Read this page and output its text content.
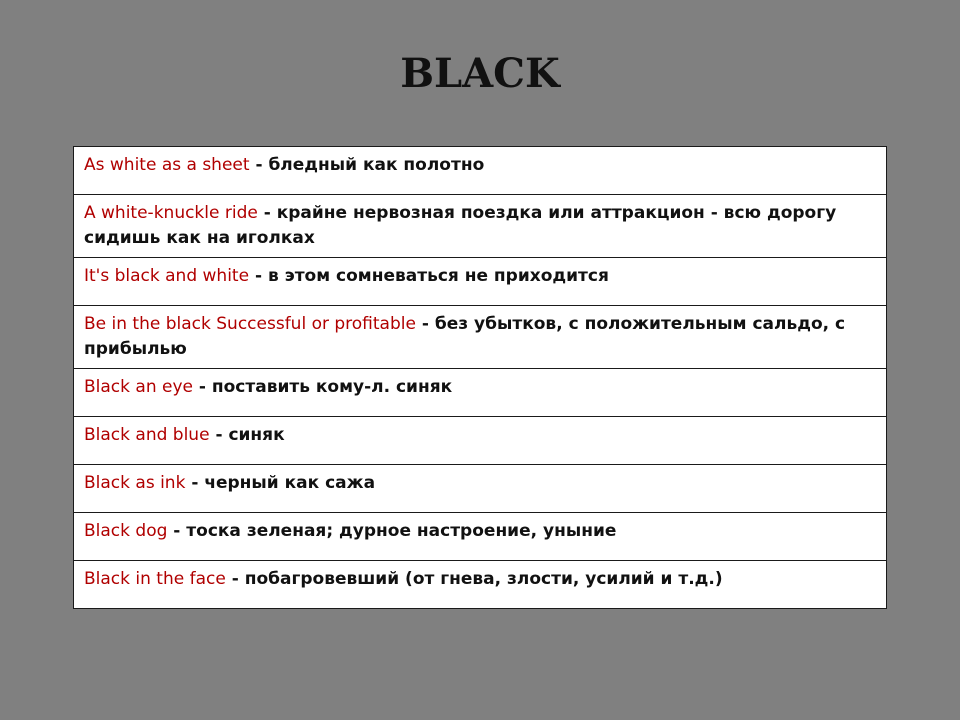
BLACK
As white as a sheet - бледный как полотно
A white-knuckle ride - крайне нервозная поездка или аттракцион - всю дорогу сидишь как на иголках
It's black and white - в этом сомневаться не приходится
Be in the black Successful or profitable - без убытков, с положительным сальдо, с прибылью
Black an eye - поставить кому-л. синяк
Black and blue - синяк
Black as ink - черный как сажа
Black dog - тоска зеленая; дурное настроение, уныние
Black in the face - побагровевший (от гнева, злости, усилий и т.д.)
